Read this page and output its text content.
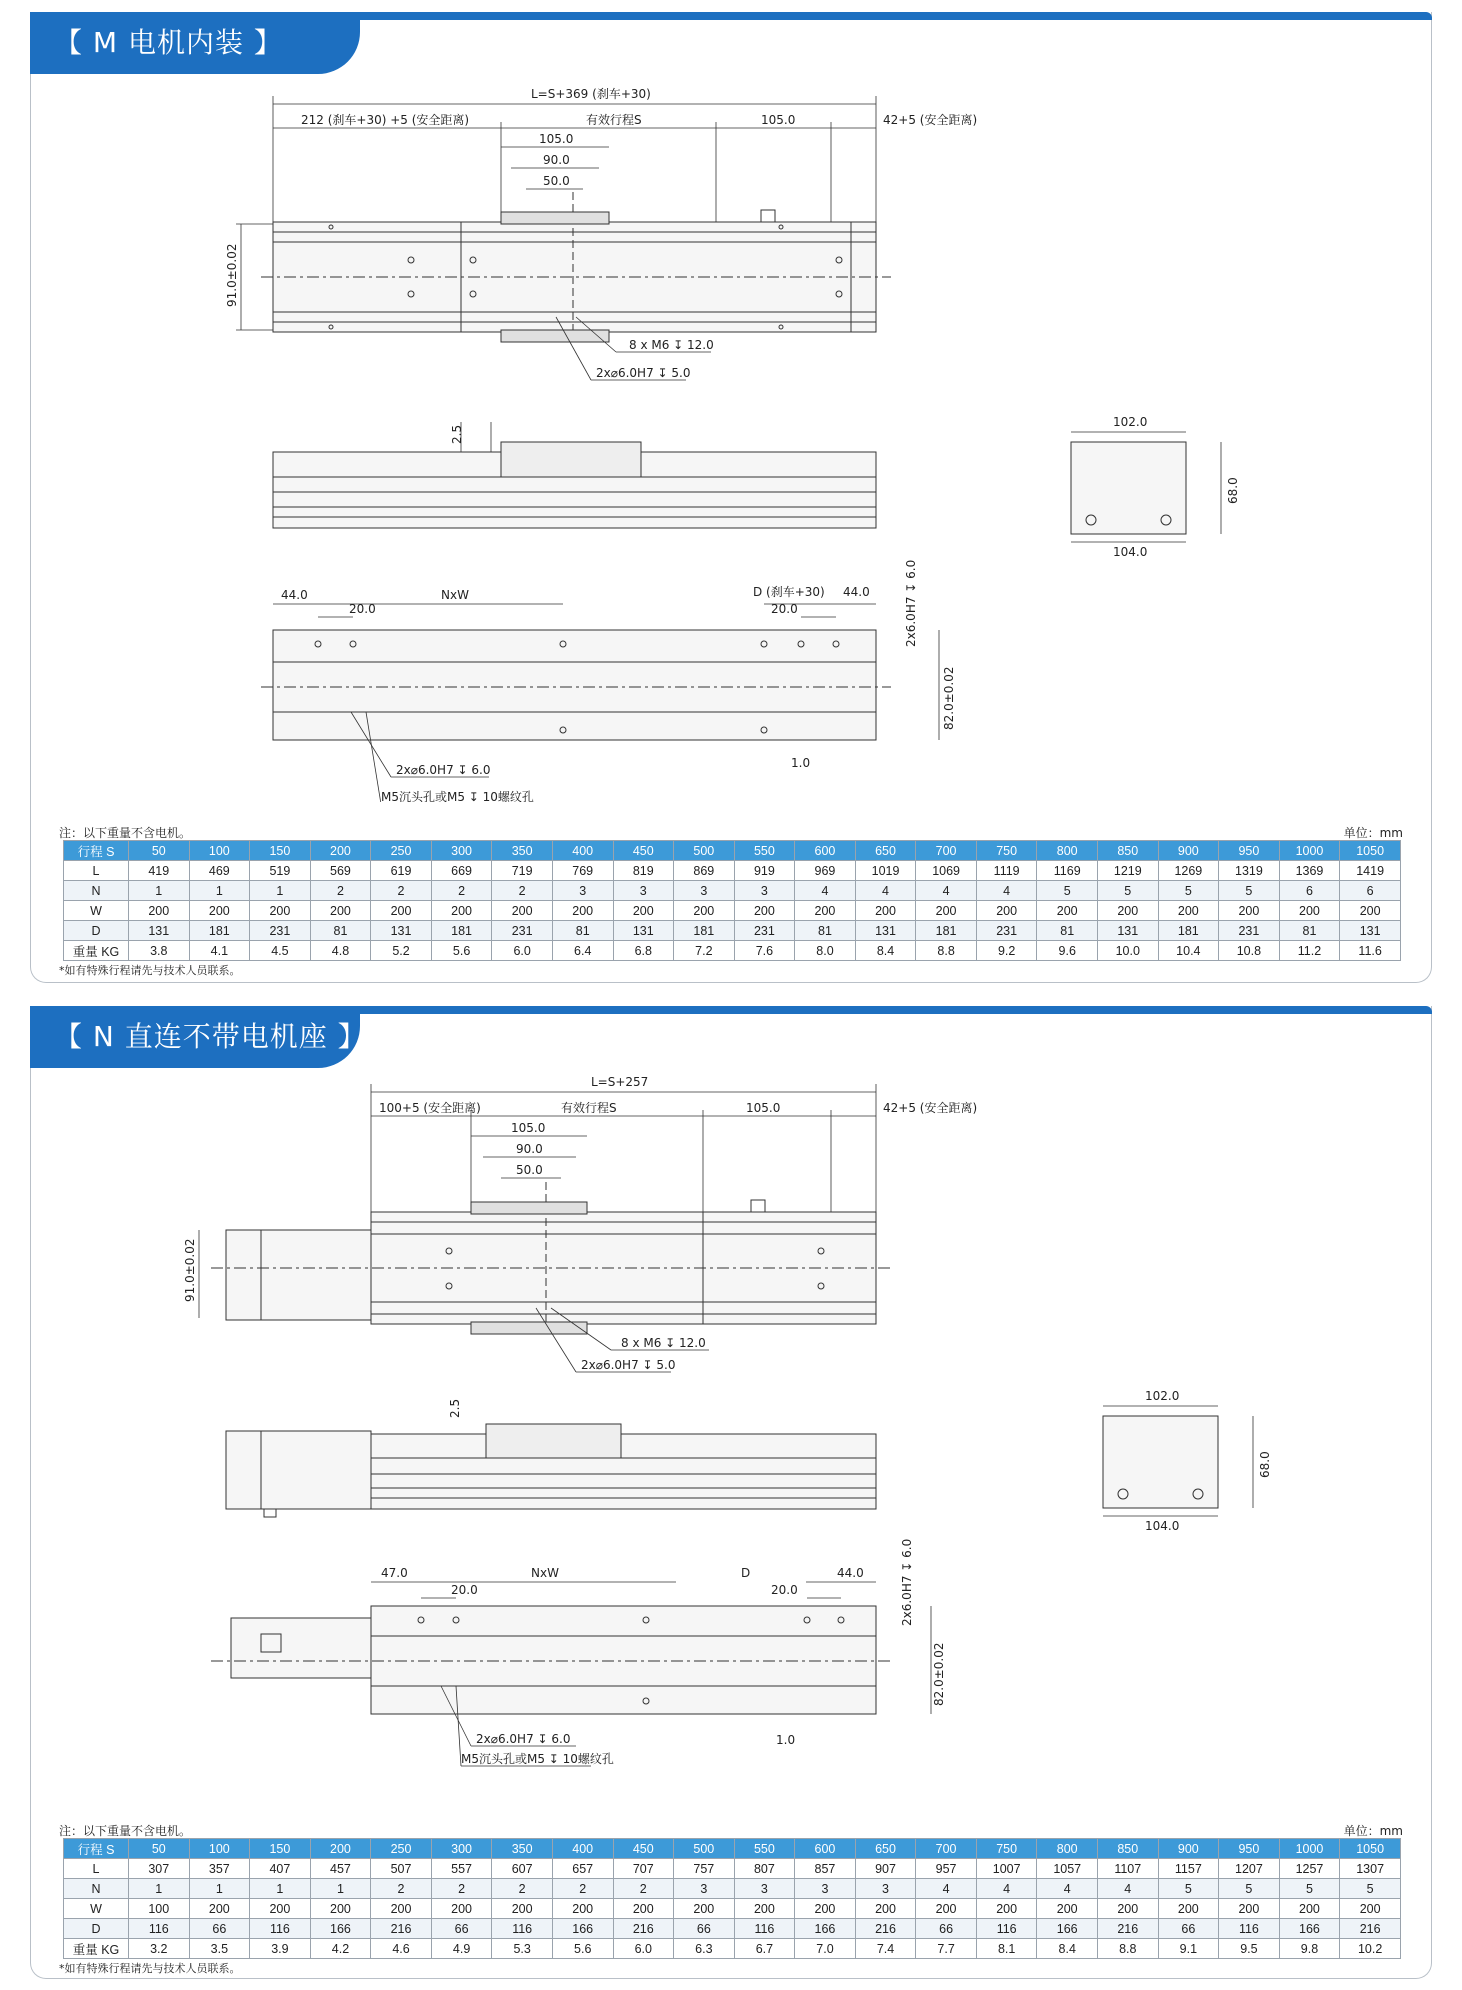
【 M 电机内装 】
L=S+369 (刹车+30)
212 (刹车+30) +5 (安全距离)	有效行程S	105.0	42+5 (安全距离)
105.0
90.0
50.0
91.0±0.02
8 x M6 ↧ 12.0
2x⌀6.0H7 ↧ 5.0
2.5
102.0
104.0
68.0
44.0
20.0
NxW	D (刹车+30)
20.0
44.0	2x6.0H7 ↧ 6.0
82.0±0.02
1.0
2x⌀6.0H7 ↧ 6.0
M5沉头孔或M5 ↧ 10螺纹孔
注：以下重量不含电机。	单位：mm
行程 S	50	100	150	200	250	300	350	400	450	500	550	600	650	700	750	800	850	900	950	1000	1050
L	419	469	519	569	619	669	719	769	819	869	919	969	1019	1069	1119	1169	1219	1269	1319	1369	1419
N	1	1	1	2	2	2	2	3	3	3	3	4	4	4	4	5	5	5	5	6	6
W	200	200	200	200	200	200	200	200	200	200	200	200	200	200	200	200	200	200	200	200	200
D	131	181	231	81	131	181	231	81	131	181	231	81	131	181	231	81	131	181	231	81	131
重量 KG	3.8	4.1	4.5	4.8	5.2	5.6	6.0	6.4	6.8	7.2	7.6	8.0	8.4	8.8	9.2	9.6	10.0	10.4	10.8	11.2	11.6
*如有特殊行程请先与技术人员联系。
【 N 直连不带电机座 】
L=S+257
100+5 (安全距离)	有效行程S	105.0	42+5 (安全距离)
105.0
90.0
50.0
91.0±0.02
8 x M6 ↧ 12.0
2x⌀6.0H7 ↧ 5.0
2.5
102.0
104.0
68.0
47.0
20.0
NxW	D
20.0
44.0	2x6.0H7 ↧ 6.0
82.0±0.02
1.0
2x⌀6.0H7 ↧ 6.0
M5沉头孔或M5 ↧ 10螺纹孔
注：以下重量不含电机。	单位：mm
行程 S	50	100	150	200	250	300	350	400	450	500	550	600	650	700	750	800	850	900	950	1000	1050
L	307	357	407	457	507	557	607	657	707	757	807	857	907	957	1007	1057	1107	1157	1207	1257	1307
N	1	1	1	1	2	2	2	2	2	3	3	3	3	4	4	4	4	5	5	5	5
W	100	200	200	200	200	200	200	200	200	200	200	200	200	200	200	200	200	200	200	200	200
D	116	66	116	166	216	66	116	166	216	66	116	166	216	66	116	166	216	66	116	166	216
重量 KG	3.2	3.5	3.9	4.2	4.6	4.9	5.3	5.6	6.0	6.3	6.7	7.0	7.4	7.7	8.1	8.4	8.8	9.1	9.5	9.8	10.2
*如有特殊行程请先与技术人员联系。
